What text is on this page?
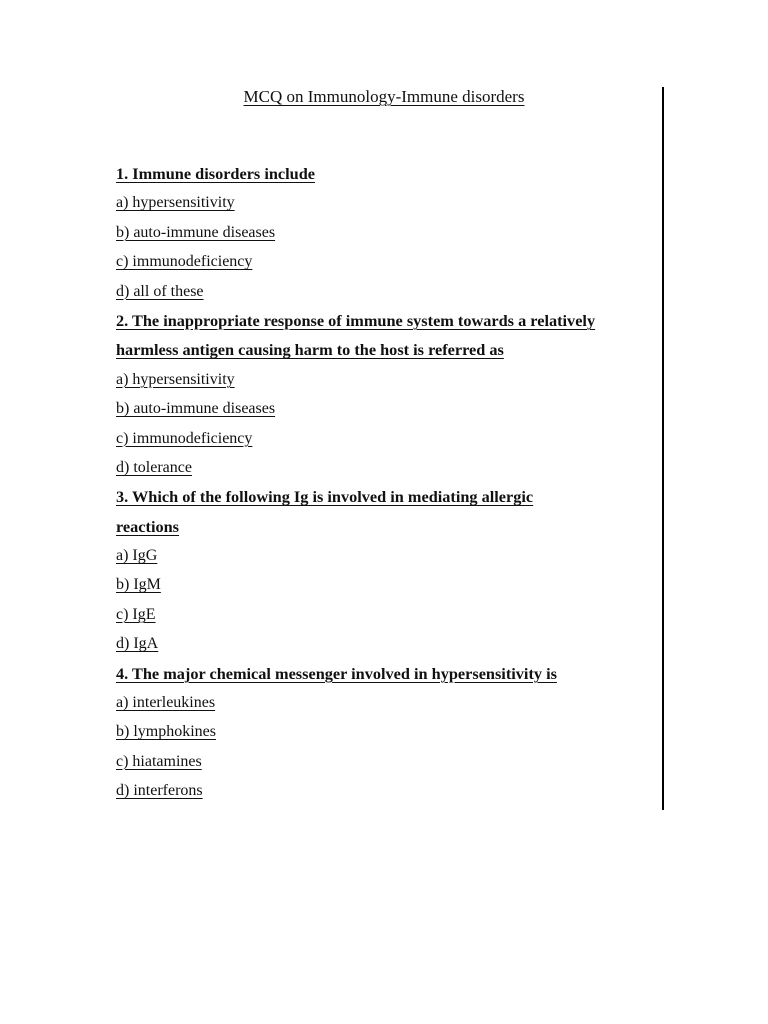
MCQ on Immunology-Immune disorders
1. Immune disorders include
a) hypersensitivity
b) auto-immune diseases
c) immunodeficiency
d) all of these
2. The inappropriate response of immune system towards a relatively
harmless antigen causing harm to the host is referred as
a) hypersensitivity
b) auto-immune diseases
c) immunodeficiency
d) tolerance
3. Which of the following Ig is involved in mediating allergic
reactions
a) IgG
b) IgM
c) IgE
d) IgA
4. The major chemical messenger involved in hypersensitivity is
a) interleukines
b) lymphokines
c) hiatamines
d) interferons
